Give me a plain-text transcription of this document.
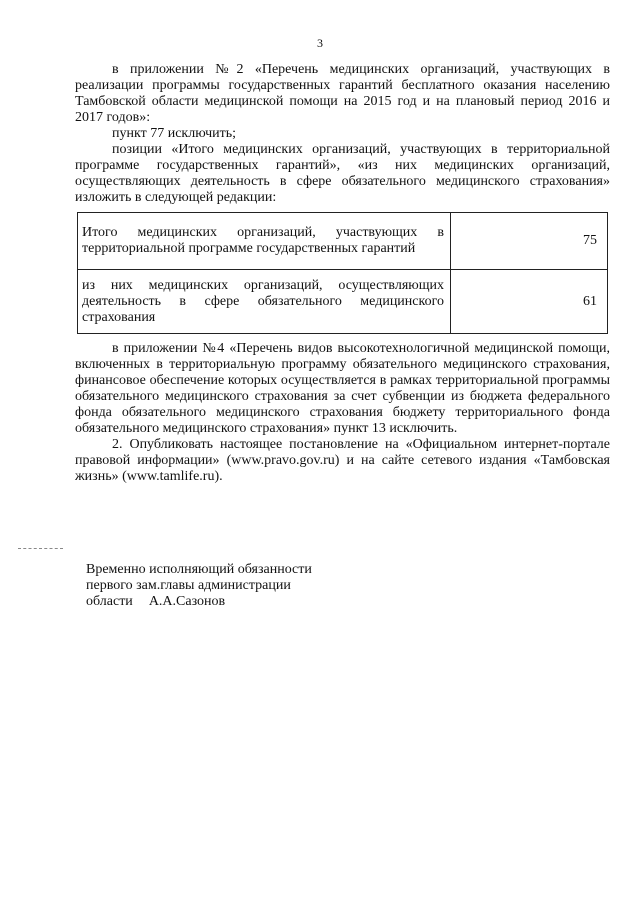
3

в приложении №2 «Перечень медицинских организаций, участвующих в реализации программы государственных гарантий бесплатного оказания населению Тамбовской области медицинской помощи на 2015 год и на плановый период 2016 и 2017 годов»:

пункт 77 исключить;

позиции «Итого медицинских организаций, участвующих в территориальной программе государственных гарантий», «из них медицинских организаций, осуществляющих деятельность в сфере обязательного медицинского страхования» изложить в следующей редакции:

Итого медицинских организаций, участвующих в территориальной программе государственных гарантий	75
из них медицинских организаций, осуществляющих деятельность в сфере обязательного медицинского страхования	61

в приложении №4 «Перечень видов высокотехнологичной медицинской помощи, включенных в территориальную программу обязательного медицинского страхования, финансовое обеспечение которых осуществляется в рамках территориальной программы обязательного медицинского страхования за счет субвенции из бюджета федерального фонда обязательного медицинского страхования бюджету территориального фонда обязательного медицинского страхования» пункт 13 исключить.

2. Опубликовать настоящее постановление на «Официальном интернет-портале правовой информации» (www.pravo.gov.ru) и на сайте сетевого издания «Тамбовская жизнь» (www.tamlife.ru).

Временно исполняющий обязанности
первого зам.главы администрации
области А.А.Сазонов
